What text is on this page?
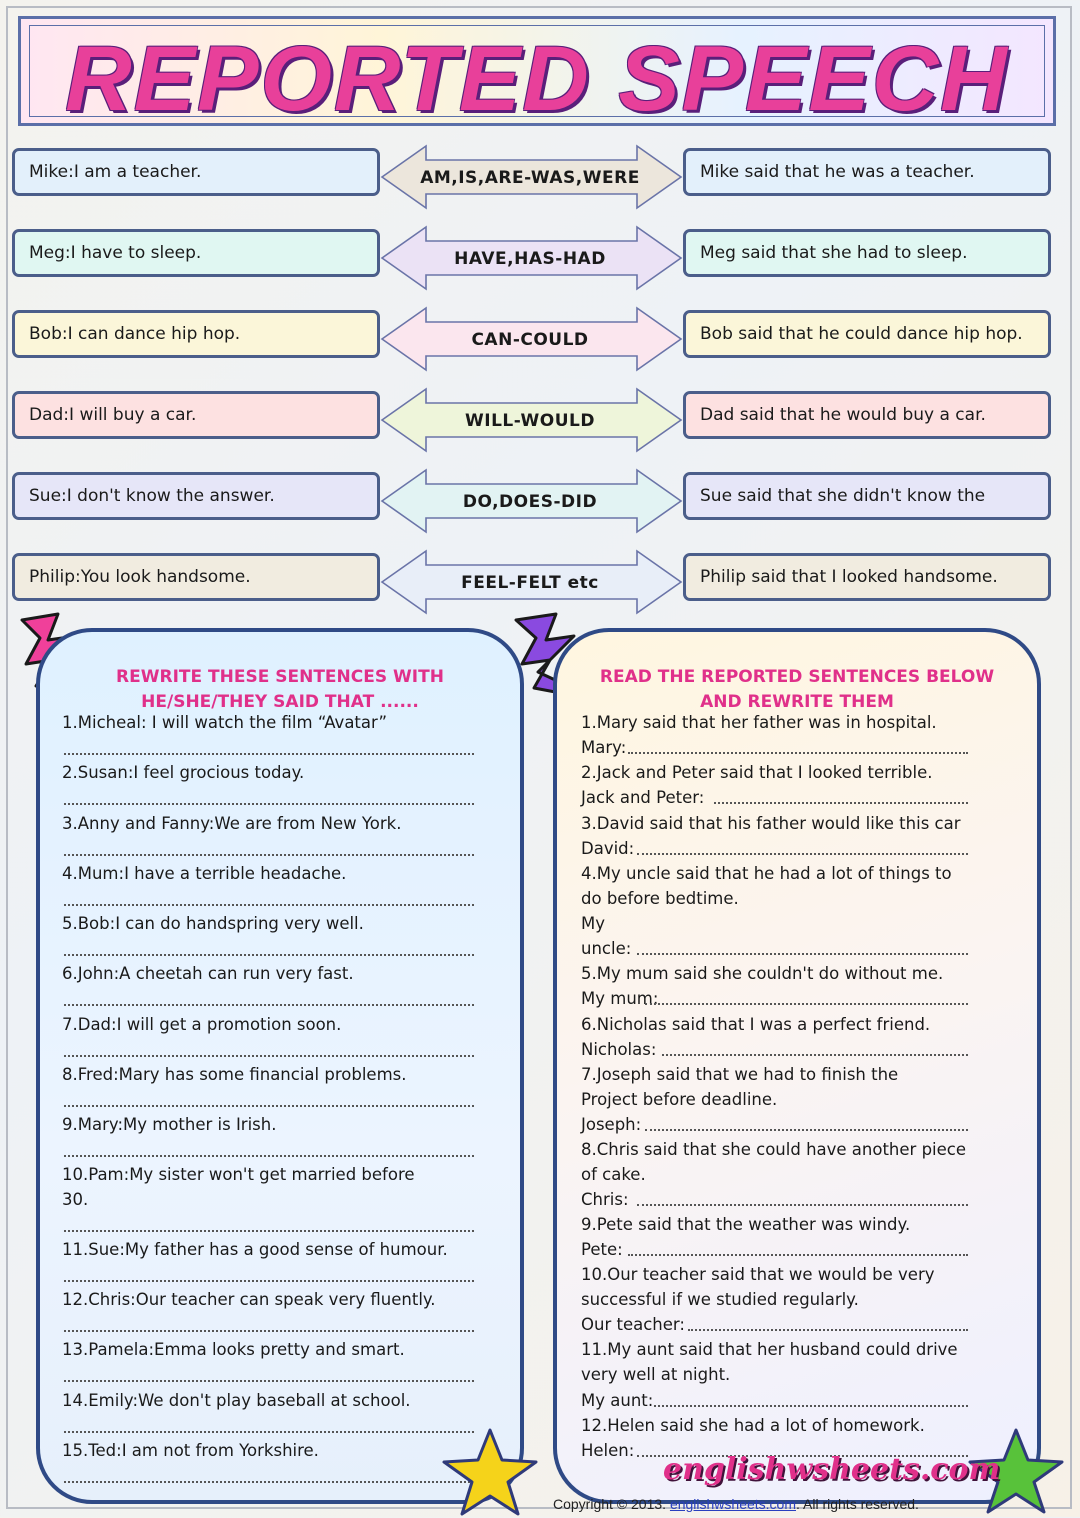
REPORTED SPEECH
AM,IS,ARE-WAS,WERE
Mike:I am a teacher.	Mike said that he was a teacher.
HAVE,HAS-HAD
Meg:I have to sleep.	Meg said that she had to sleep.
CAN-COULD
Bob:I can dance hip hop.	Bob said that he could dance hip hop.
WILL-WOULD
Dad:I will buy a car.	Dad said that he would buy a car.
DO,DOES-DID
Sue:I don't know the answer.	Sue said that she didn't know the
FEEL-FELT etc
Philip:You look handsome.	Philip said that I looked handsome.
REWRITE THESE SENTENCES WITH
HE/SHE/THEY SAID THAT ......
1.Micheal: I will watch the film “Avatar”
2.Susan:I feel grocious today.
3.Anny and Fanny:We are from New York.
4.Mum:I have a terrible headache.
5.Bob:I can do handspring very well.
6.John:A cheetah can run very fast.
7.Dad:I will get a promotion soon.
8.Fred:Mary has some financial problems.
9.Mary:My mother is Irish.
10.Pam:My sister won't get married before
30.
11.Sue:My father has a good sense of humour.
12.Chris:Our teacher can speak very fluently.
13.Pamela:Emma looks pretty and smart.
14.Emily:We don't play baseball at school.
15.Ted:I am not from Yorkshire.
READ THE REPORTED SENTENCES BELOW
AND REWRITE THEM
1.Mary said that her father was in hospital.
Mary:
2.Jack and Peter said that I looked terrible.
Jack and Peter:
3.David said that his father would like this car
David:
4.My uncle said that he had a lot of things to
do before bedtime.
My
uncle:
5.My mum said she couldn't do without me.
My mum:
6.Nicholas said that I was a perfect friend.
Nicholas:
7.Joseph said that we had to finish the
Project before deadline.
Joseph:
8.Chris said that she could have another piece
of cake.
Chris:
9.Pete said that the weather was windy.
Pete:
10.Our teacher said that we would be very
successful if we studied regularly.
Our teacher:
11.My aunt said that her husband could drive
very well at night.
My aunt:
12.Helen said she had a lot of homework.
Helen:
englishwsheets.com
Copyright © 2013. englishwsheets.com. All rights reserved.
